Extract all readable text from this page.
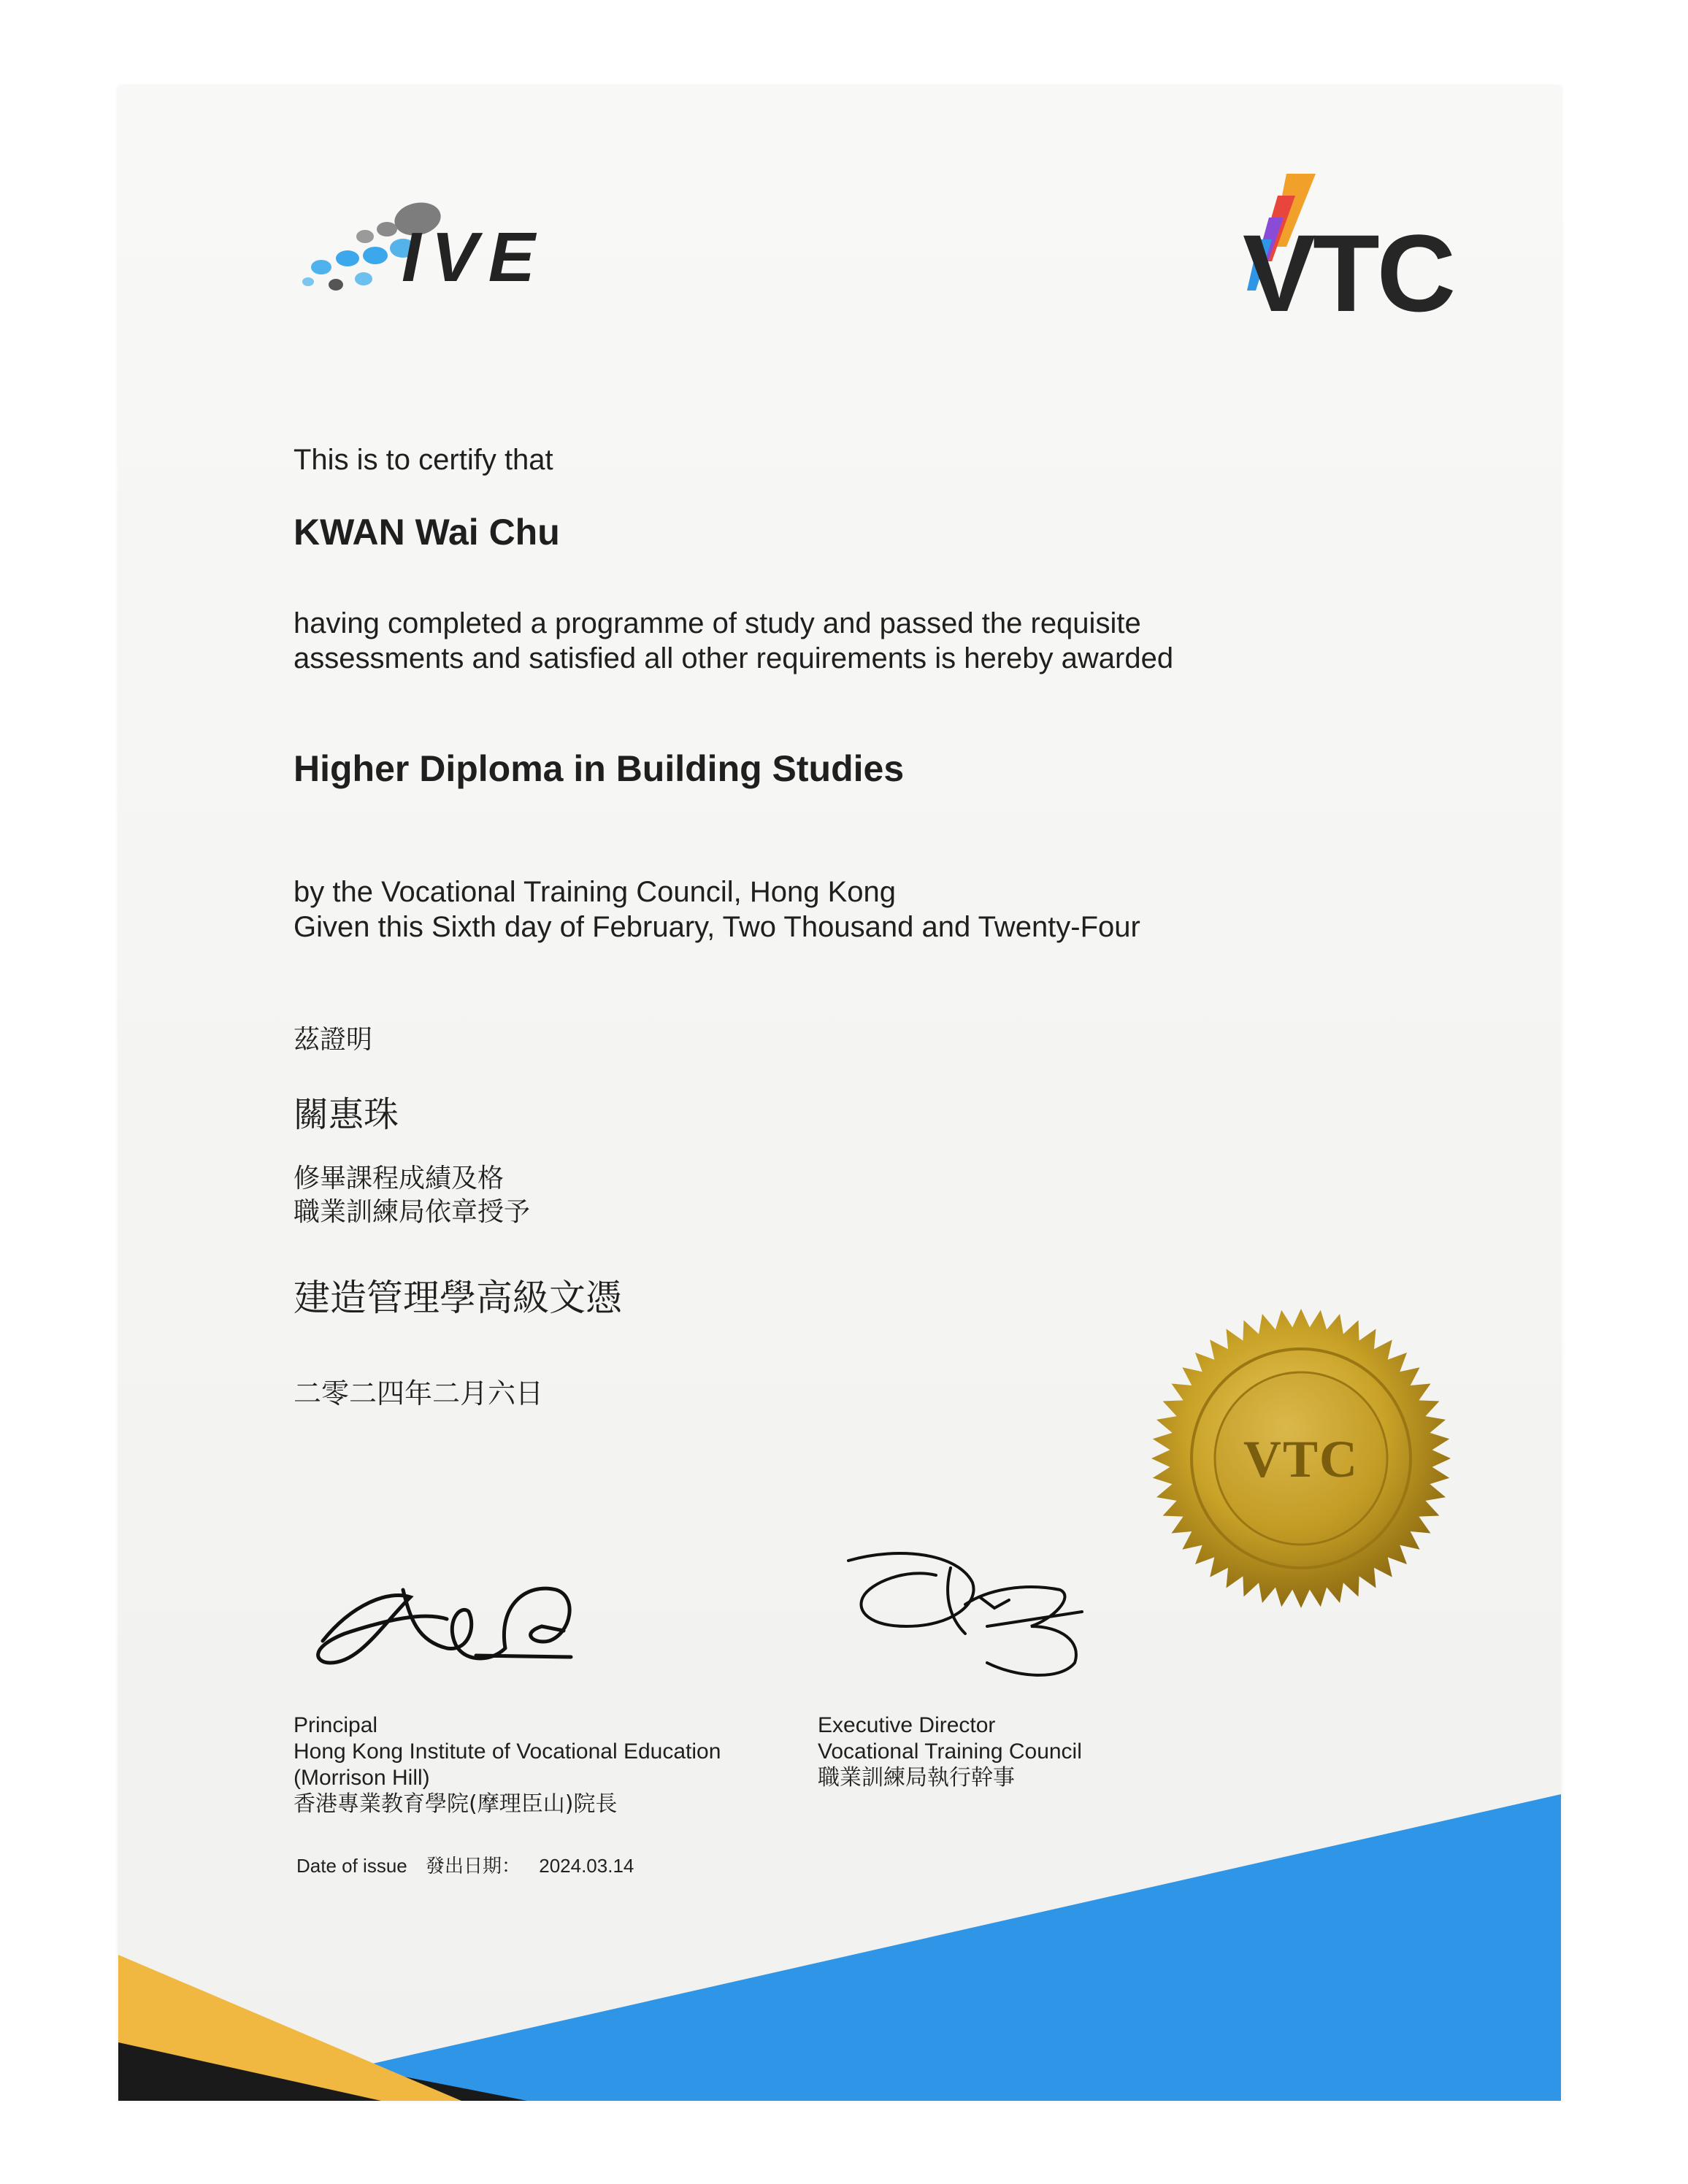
IVE	VTC
This is to certify that
KWAN Wai Chu
having completed a programme of study and passed the requisite
assessments and satisfied all other requirements is hereby awarded
Higher Diploma in Building Studies
by the Vocational Training Council, Hong Kong
Given this Sixth day of February, Two Thousand and Twenty-Four
茲證明
關惠珠
修畢課程成績及格
職業訓練局依章授予
建造管理學高級文憑
二零二四年二月六日
VTC
Principal
Hong Kong Institute of Vocational Education
(Morrison Hill)
香港專業教育學院(摩理臣山)院長
Executive Director
Vocational Training Council
職業訓練局執行幹事
Date of issue 發出日期： 2024.03.14
